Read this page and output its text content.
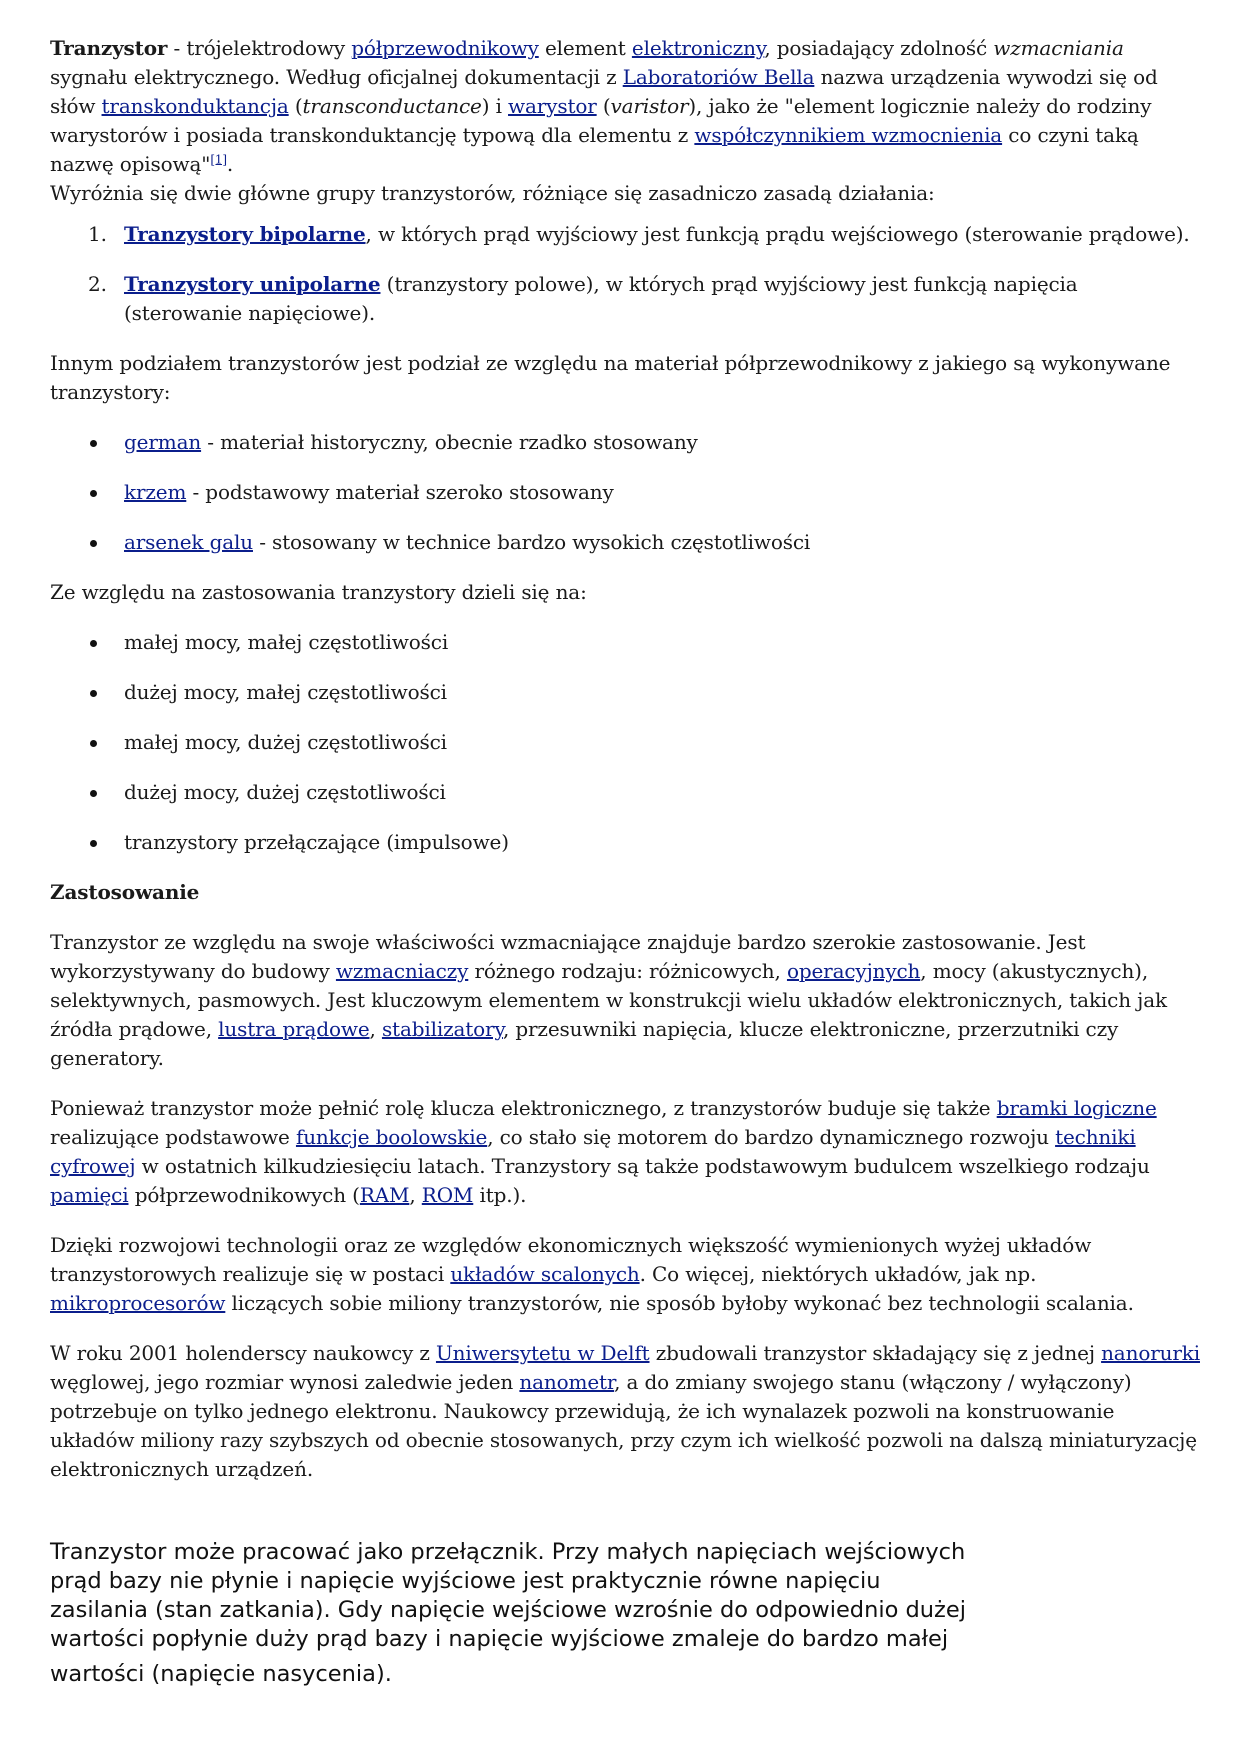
Tranzystor - trójelektrodowy półprzewodnikowy element elektroniczny, posiadający zdolność wzmacniania sygnału elektrycznego. Według oficjalnej dokumentacji z Laboratoriów Bella nazwa urządzenia wywodzi się od słów transkonduktancja (transconductance) i warystor (varistor), jako że "element logicznie należy do rodziny warystorów i posiada transkonduktancję typową dla elementu z współczynnikiem wzmocnienia co czyni taką nazwę opisową"[1].

Wyróżnia się dwie główne grupy tranzystorów, różniące się zasadniczo zasadą działania:

1. Tranzystory bipolarne, w których prąd wyjściowy jest funkcją prądu wejściowego (sterowanie prądowe).
2. Tranzystory unipolarne (tranzystory polowe), w których prąd wyjściowy jest funkcją napięcia (sterowanie napięciowe).

Innym podziałem tranzystorów jest podział ze względu na materiał półprzewodnikowy z jakiego są wykonywane tranzystory:

german - materiał historyczny, obecnie rzadko stosowany
krzem - podstawowy materiał szeroko stosowany
arsenek galu - stosowany w technice bardzo wysokich częstotliwości

Ze względu na zastosowania tranzystory dzieli się na:

małej mocy, małej częstotliwości
dużej mocy, małej częstotliwości
małej mocy, dużej częstotliwości
dużej mocy, dużej częstotliwości
tranzystory przełączające (impulsowe)

Zastosowanie

Tranzystor ze względu na swoje właściwości wzmacniające znajduje bardzo szerokie zastosowanie. Jest wykorzystywany do budowy wzmacniaczy różnego rodzaju: różnicowych, operacyjnych, mocy (akustycznych), selektywnych, pasmowych. Jest kluczowym elementem w konstrukcji wielu układów elektronicznych, takich jak źródła prądowe, lustra prądowe, stabilizatory, przesuwniki napięcia, klucze elektroniczne, przerzutniki czy generatory.

Ponieważ tranzystor może pełnić rolę klucza elektronicznego, z tranzystorów buduje się także bramki logiczne realizujące podstawowe funkcje boolowskie, co stało się motorem do bardzo dynamicznego rozwoju techniki cyfrowej w ostatnich kilkudziesięciu latach. Tranzystory są także podstawowym budulcem wszelkiego rodzaju pamięci półprzewodnikowych (RAM, ROM itp.).

Dzięki rozwojowi technologii oraz ze względów ekonomicznych większość wymienionych wyżej układów tranzystorowych realizuje się w postaci układów scalonych. Co więcej, niektórych układów, jak np. mikroprocesorów liczących sobie miliony tranzystorów, nie sposób byłoby wykonać bez technologii scalania.

W roku 2001 holenderscy naukowcy z Uniwersytetu w Delft zbudowali tranzystor składający się z jednej nanorurki węglowej, jego rozmiar wynosi zaledwie jeden nanometr, a do zmiany swojego stanu (włączony / wyłączony) potrzebuje on tylko jednego elektronu. Naukowcy przewidują, że ich wynalazek pozwoli na konstruowanie układów miliony razy szybszych od obecnie stosowanych, przy czym ich wielkość pozwoli na dalszą miniaturyzację elektronicznych urządzeń.

Tranzystor może pracować jako przełącznik. Przy małych napięciach wejściowych
prąd bazy nie płynie i napięcie wyjściowe jest praktycznie równe napięciu
zasilania (stan zatkania). Gdy napięcie wejściowe wzrośnie do odpowiednio dużej
wartości popłynie duży prąd bazy i napięcie wyjściowe zmaleje do bardzo małej
wartości (napięcie nasycenia).
